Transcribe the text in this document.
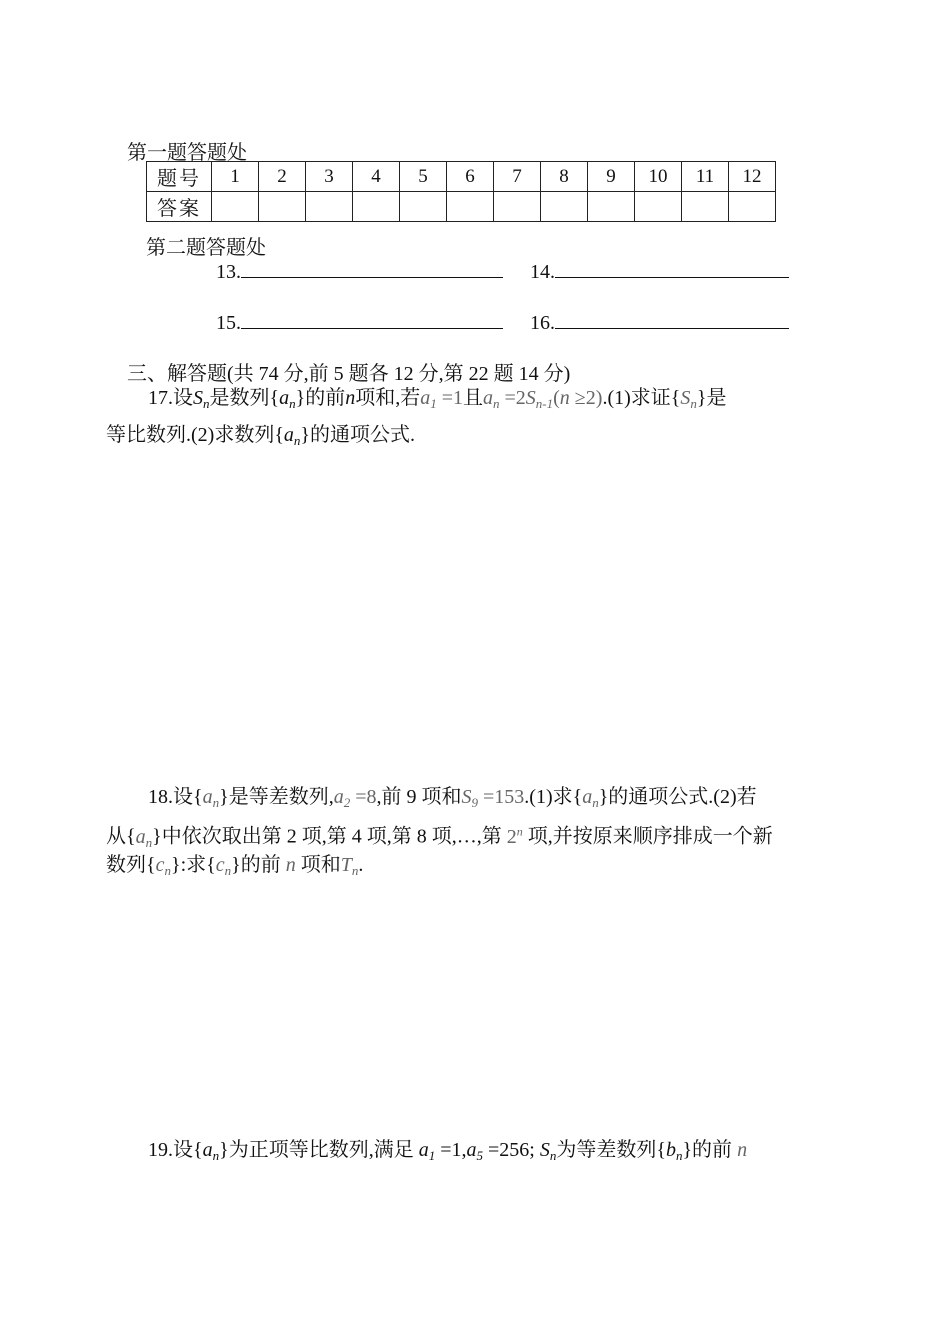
第一题答题处
题号	1	2	3	4	5	6	7	8	9	10	11	12
答案												
第二题答题处
13.	14.
15.	16.
三、解答题(共 74 分,前 5 题各 12 分,第 22 题 14 分)
17.设$S_n$是数列$\{a_n\}$的前n项和,若$a_1 =1$且$a_n =2S_{n-1}(n \ge 2).(1)$求证$\{S_n\}$是
等比数列.(2)求数列$\{a_n\}$的通项公式.
18.设$\{a_n\}$是等差数列$,a_2 =8$,前 9 项和$S_9 =153.(1)$求$\{a_n\}$的通项公式.(2)若
从$\{a_n\}$中依次取出第 2 项,第 4 项,第 8 项,…,第 2$^n$ 项,并按原来顺序排成一个新
数列$\{c_n\}$:求$\{c_n\}$的前 n 项和$T_n$.
19.设$\{a_n\}$为正项等比数列,满足 $a_1 =1,a_5 =256$; $S_n$为等差数列$\{b_n\}$的前 n
